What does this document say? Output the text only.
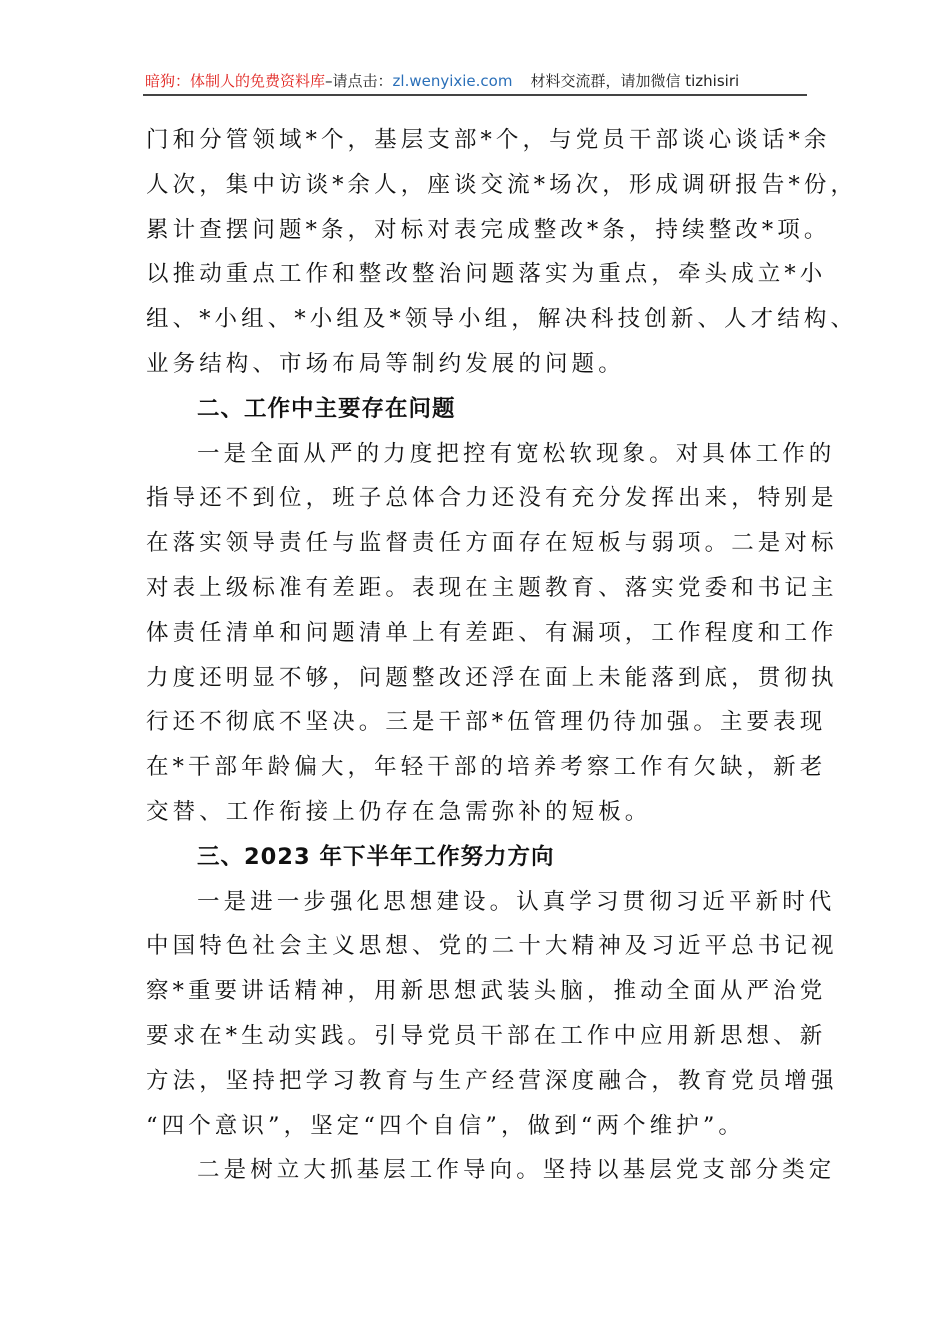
暗狗：体制人的免费资料库–请点击：zl.wenyixie.com 材料交流群，请加微信 tizhisiri
门和分管领域*个，基层支部*个，与党员干部谈心谈话*余
人次，集中访谈*余人，座谈交流*场次，形成调研报告*份，
累计查摆问题*条，对标对表完成整改*条，持续整改*项。
以推动重点工作和整改整治问题落实为重点，牵头成立*小
组、*小组、*小组及*领导小组，解决科技创新、人才结构、
业务结构、市场布局等制约发展的问题。
二、工作中主要存在问题
一是全面从严的力度把控有宽松软现象。对具体工作的
指导还不到位，班子总体合力还没有充分发挥出来，特别是
在落实领导责任与监督责任方面存在短板与弱项。二是对标
对表上级标准有差距。表现在主题教育、落实党委和书记主
体责任清单和问题清单上有差距、有漏项，工作程度和工作
力度还明显不够，问题整改还浮在面上未能落到底，贯彻执
行还不彻底不坚决。三是干部*伍管理仍待加强。主要表现
在*干部年龄偏大，年轻干部的培养考察工作有欠缺，新老
交替、工作衔接上仍存在急需弥补的短板。
三、2023 年下半年工作努力方向
一是进一步强化思想建设。认真学习贯彻习近平新时代
中国特色社会主义思想、党的二十大精神及习近平总书记视
察*重要讲话精神，用新思想武装头脑，推动全面从严治党
要求在*生动实践。引导党员干部在工作中应用新思想、新
方法，坚持把学习教育与生产经营深度融合，教育党员增强
“四个意识”，坚定“四个自信”，做到“两个维护”。
二是树立大抓基层工作导向。坚持以基层党支部分类定
